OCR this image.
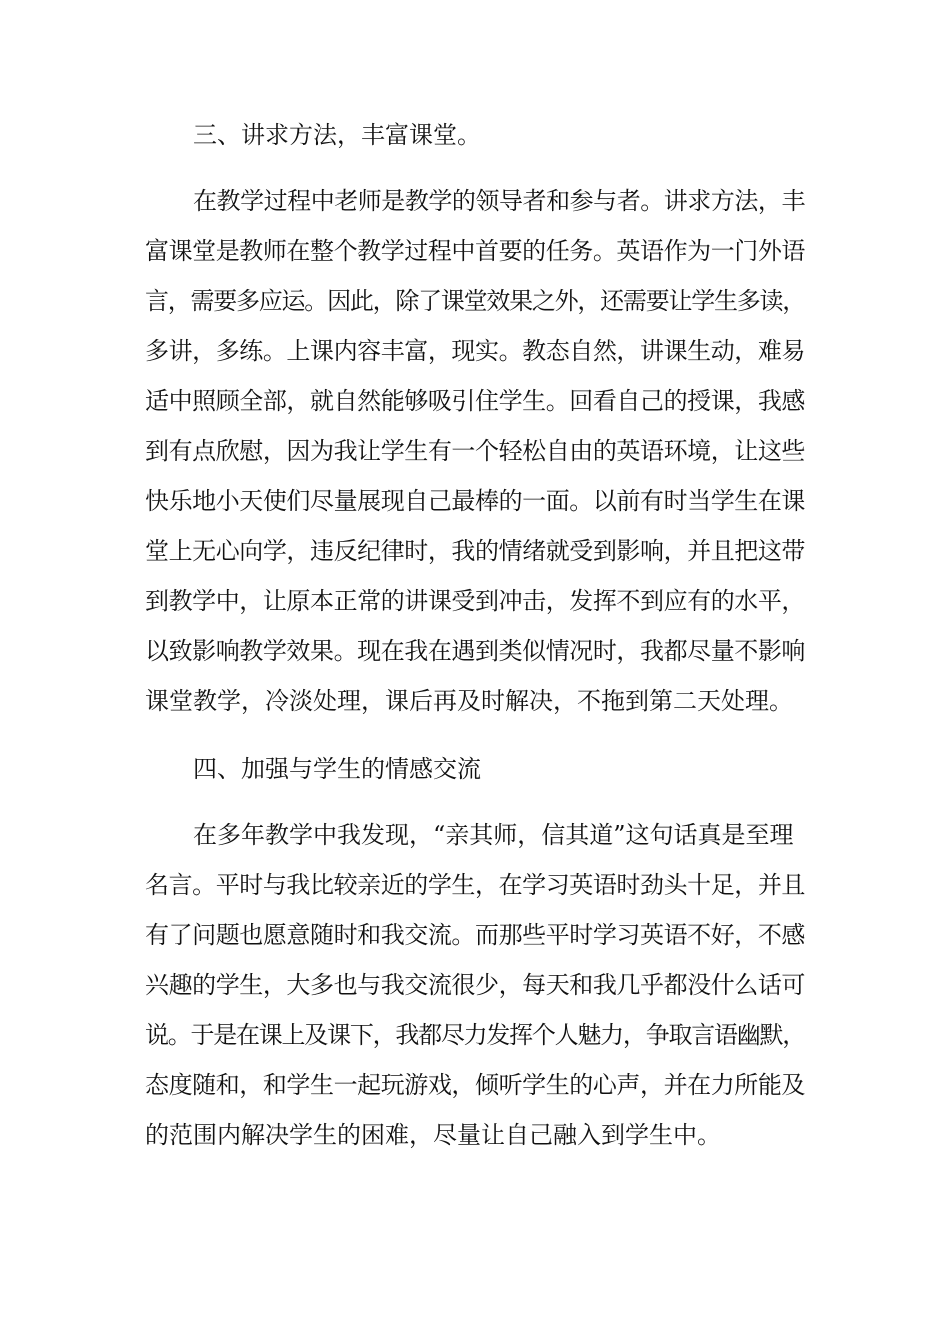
三、讲求方法，丰富课堂。
在教学过程中老师是教学的领导者和参与者。讲求方法，丰
富课堂是教师在整个教学过程中首要的任务。英语作为一门外语
言，需要多应运。因此，除了课堂效果之外，还需要让学生多读，
多讲，多练。上课内容丰富，现实。教态自然，讲课生动，难易
适中照顾全部，就自然能够吸引住学生。回看自己的授课，我感
到有点欣慰，因为我让学生有一个轻松自由的英语环境，让这些
快乐地小天使们尽量展现自己最棒的一面。以前有时当学生在课
堂上无心向学，违反纪律时，我的情绪就受到影响，并且把这带
到教学中，让原本正常的讲课受到冲击，发挥不到应有的水平，
以致影响教学效果。现在我在遇到类似情况时，我都尽量不影响
课堂教学，冷淡处理，课后再及时解决，不拖到第二天处理。
四、加强与学生的情感交流
在多年教学中我发现，“亲其师，信其道”这句话真是至理
名言。平时与我比较亲近的学生，在学习英语时劲头十足，并且
有了问题也愿意随时和我交流。而那些平时学习英语不好，不感
兴趣的学生，大多也与我交流很少，每天和我几乎都没什么话可
说。于是在课上及课下，我都尽力发挥个人魅力，争取言语幽默，
态度随和，和学生一起玩游戏，倾听学生的心声，并在力所能及
的范围内解决学生的困难，尽量让自己融入到学生中。
